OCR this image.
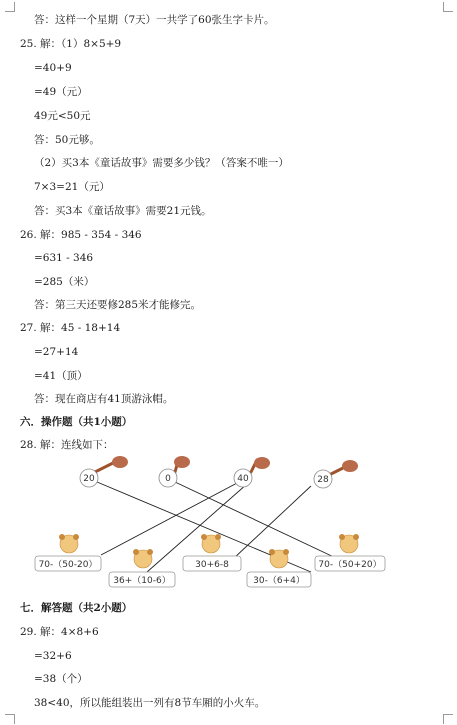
答：这样一个星期（7天）一共学了60张生字卡片。
25. 解：（1）8×5+9
=40+9
=49（元）
49元<50元
答：50元够。
（2）买3本《童话故事》需要多少钱？（答案不唯一）
7×3=21（元）
答：买3本《童话故事》需要21元钱。
26. 解：985 - 354 - 346
=631 - 346
=285（米）
答：第三天还要修285米才能修完。
27. 解：45 - 18+14
=27+14
=41（顶）
答：现在商店有41顶游泳帽。
六．操作题（共1小题）
28. 解：连线如下：
20	0	40	28
70-（50-20）
36+（10-6）
30+6-8
30-（6+4）
70-（50+20）
七．解答题（共2小题）
29. 解：4×8+6
=32+6
=38（个）
38<40，所以能组装出一列有8节车厢的小火车。
